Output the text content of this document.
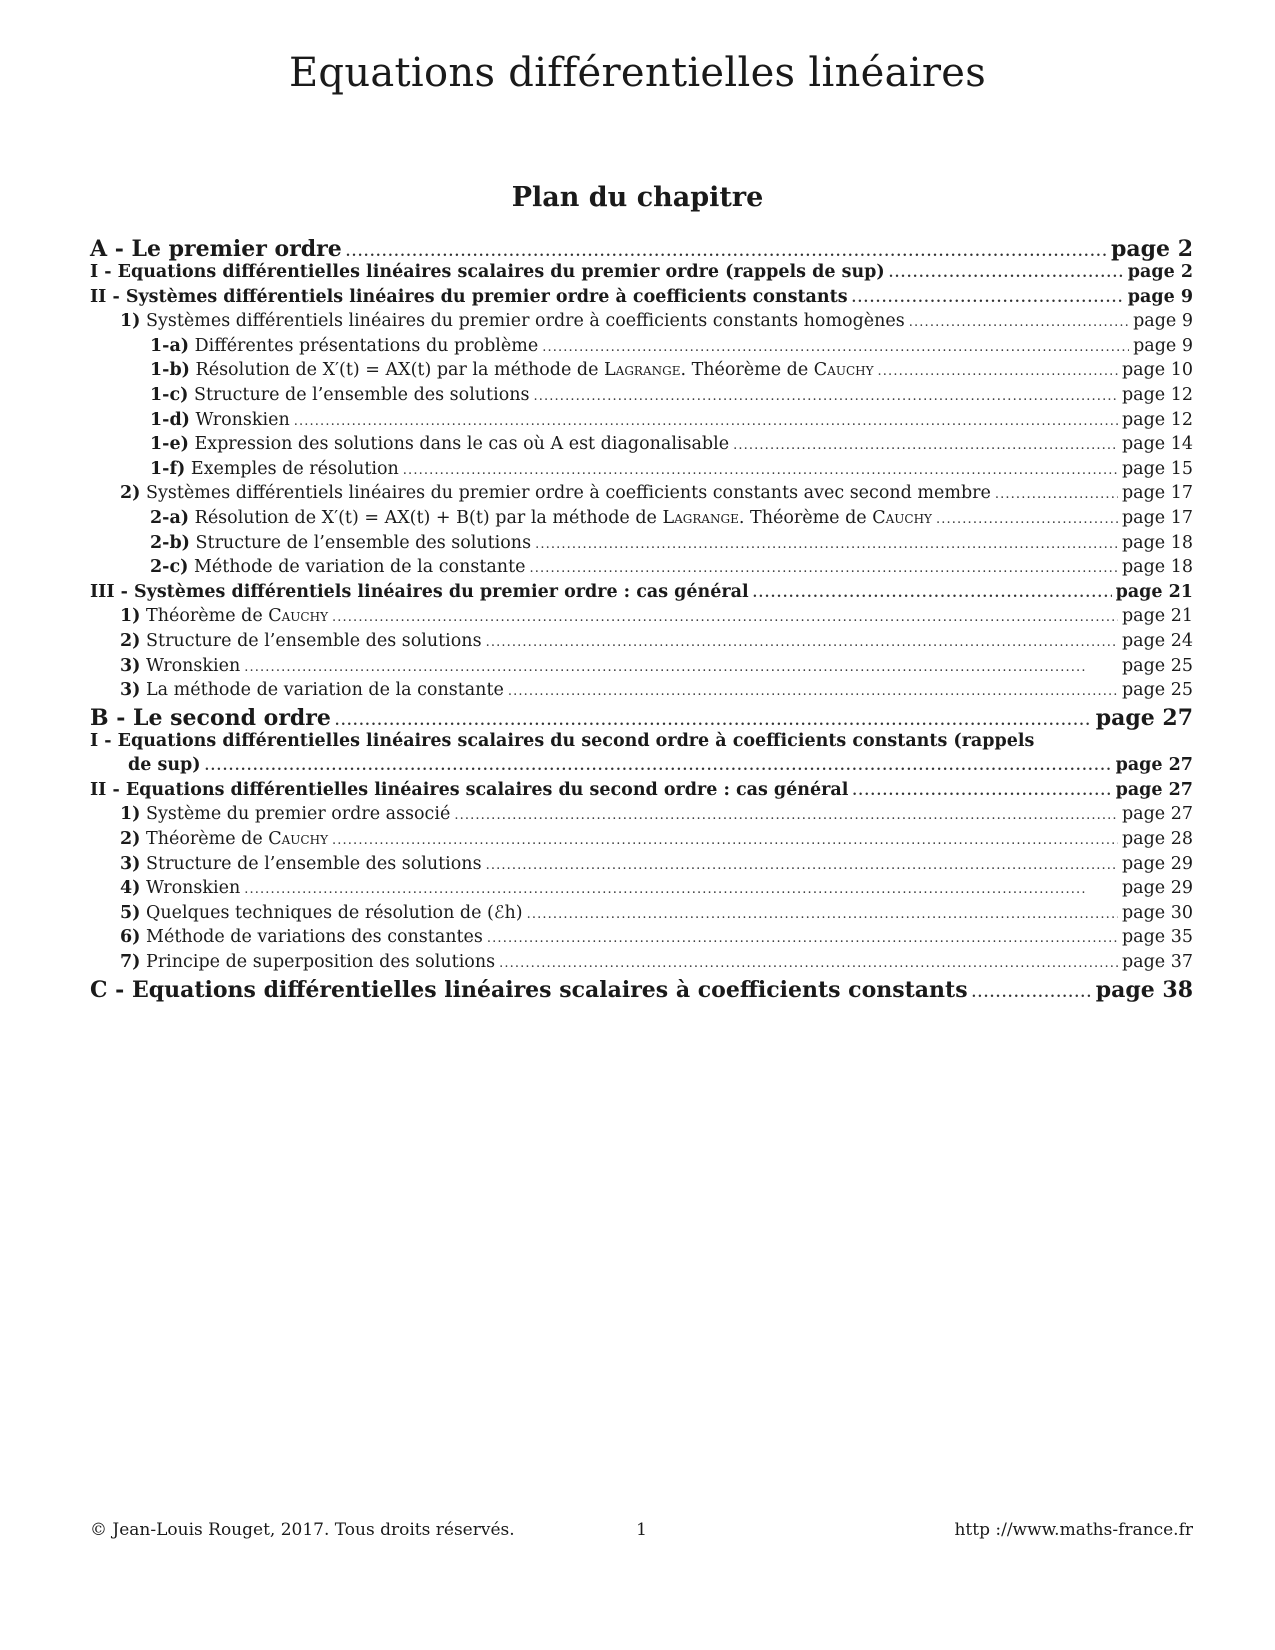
Equations différentielles linéaires
Plan du chapitre
A - Le premier ordre . . .	page 2
I - Equations différentielles linéaires scalaires du premier ordre (rappels de sup) . . .	page 2
II - Systèmes différentiels linéaires du premier ordre à coefficients constants . . .	page 9
1) Systèmes différentiels linéaires du premier ordre à coefficients constants homogènes . . .	page 9
1-a) Différentes présentations du problème . . .	page 9
1-b) Résolution de X′(t) = AX(t) par la méthode de Lagrange. Théorème de Cauchy . . .	page 10
1-c) Structure de l’ensemble des solutions . . .	page 12
1-d) Wronskien . . .	page 12
1-e) Expression des solutions dans le cas où A est diagonalisable . . .	page 14
1-f) Exemples de résolution . . .	page 15
2) Systèmes différentiels linéaires du premier ordre à coefficients constants avec second membre . . .	page 17
2-a) Résolution de X′(t) = AX(t) + B(t) par la méthode de Lagrange. Théorème de Cauchy . . .	page 17
2-b) Structure de l’ensemble des solutions . . .	page 18
2-c) Méthode de variation de la constante . . .	page 18
III - Systèmes différentiels linéaires du premier ordre : cas général . . .	page 21
1) Théorème de Cauchy . . .	page 21
2) Structure de l’ensemble des solutions . . .	page 24
3) Wronskien . . .	page 25
3) La méthode de variation de la constante . . .	page 25
B - Le second ordre . . .	page 27
I - Equations différentielles linéaires scalaires du second ordre à coefficients constants (rappels
de sup) . . .	page 27
II - Equations différentielles linéaires scalaires du second ordre : cas général . . .	page 27
1) Système du premier ordre associé . . .	page 27
2) Théorème de Cauchy . . .	page 28
3) Structure de l’ensemble des solutions . . .	page 29
4) Wronskien . . .	page 29
5) Quelques techniques de résolution de (ℰh) . . .	page 30
6) Méthode de variations des constantes . . .	page 35
7) Principe de superposition des solutions . . .	page 37
C - Equations différentielles linéaires scalaires à coefficients constants . . .	page 38
© Jean-Louis Rouget, 2017. Tous droits réservés.	1	http ://www.maths-france.fr
